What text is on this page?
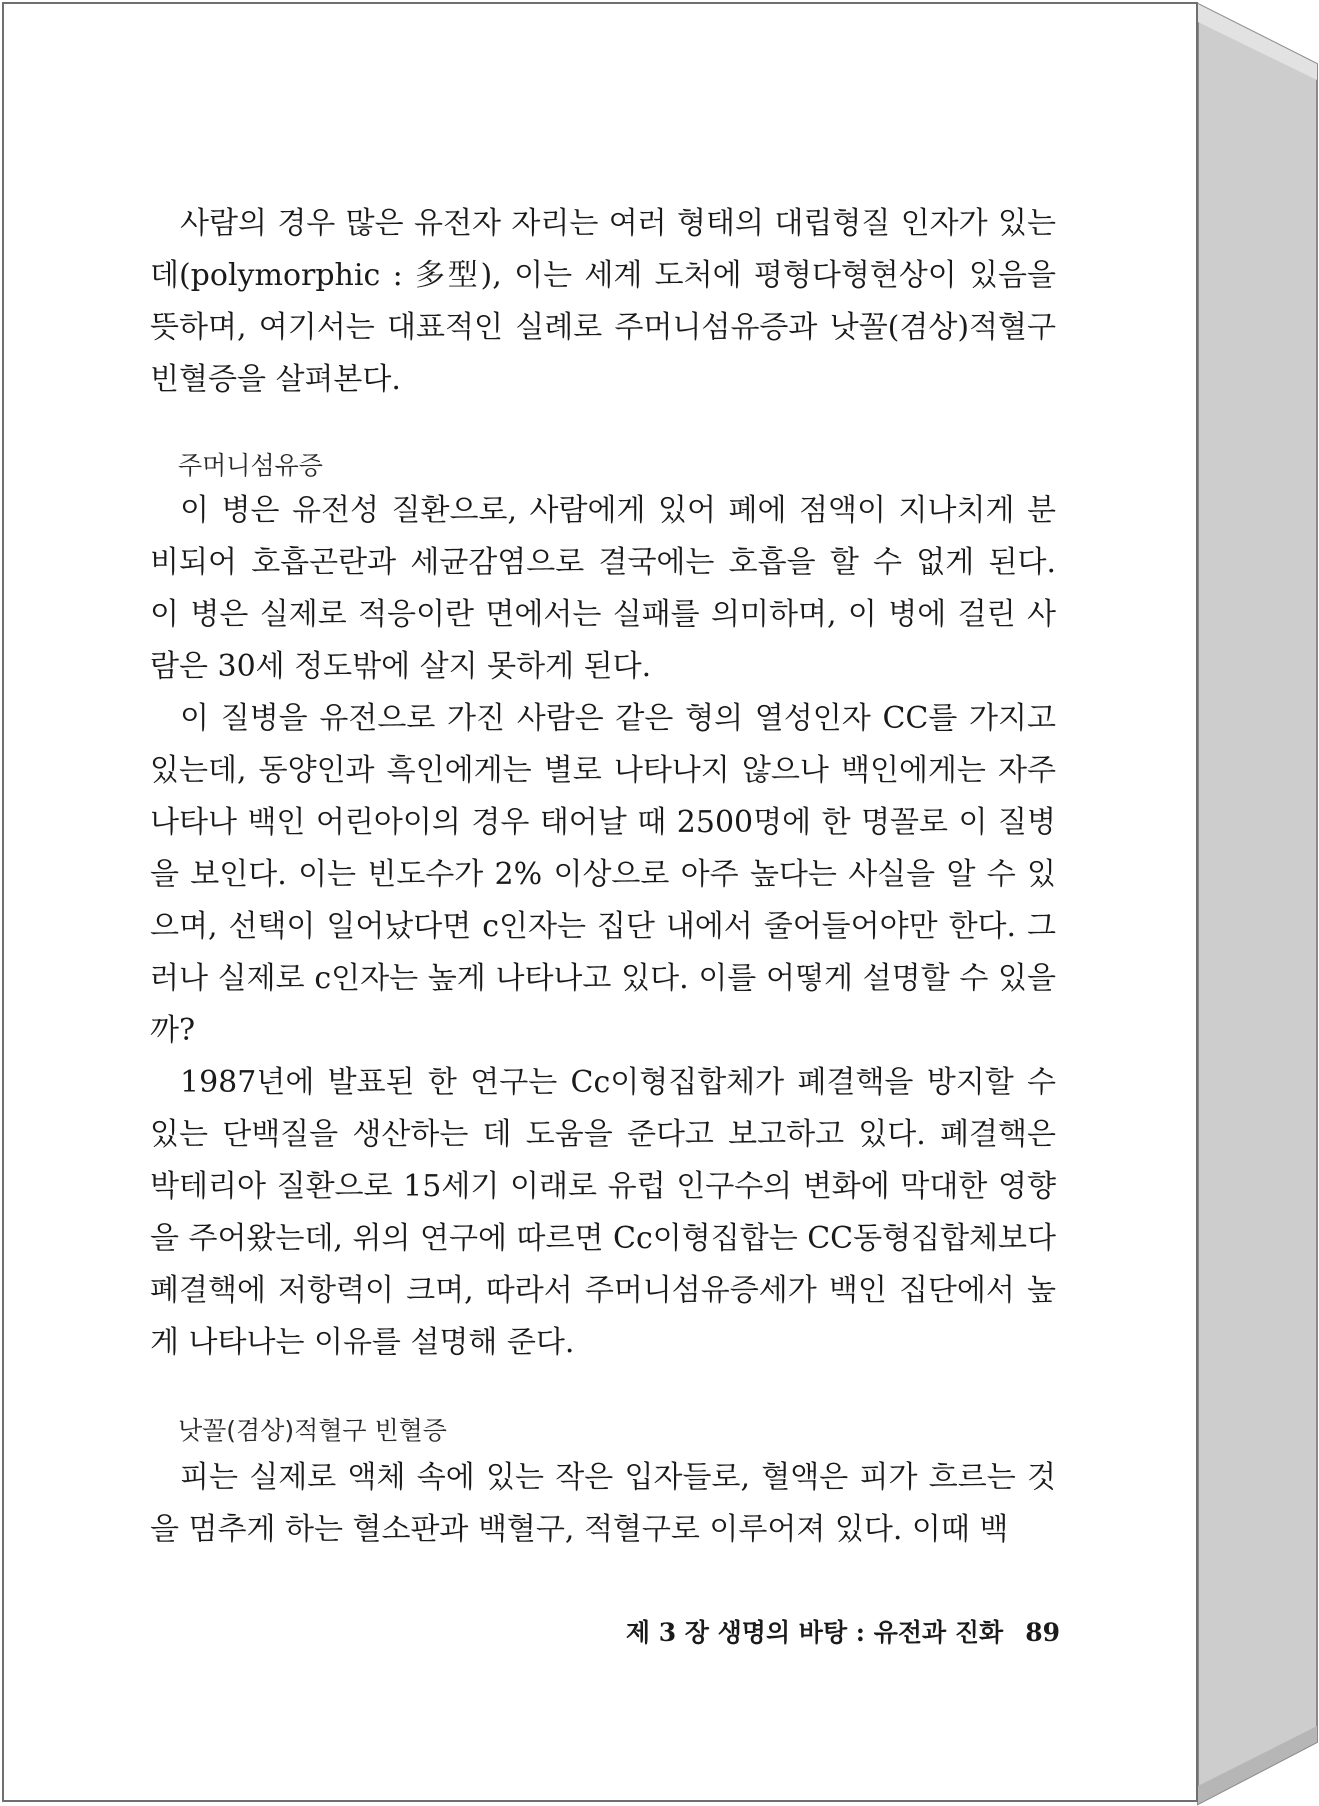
사람의 경우 많은 유전자 자리는 여러 형태의 대립형질 인자가 있는데(polymorphic : 多型), 이는 세계 도처에 평형다형현상이 있음을 뜻하며, 여기서는 대표적인 실례로 주머니섬유증과 낫꼴(겸상)적혈구 빈혈증을 살펴본다.

주머니섬유증

이 병은 유전성 질환으로, 사람에게 있어 폐에 점액이 지나치게 분비되어 호흡곤란과 세균감염으로 결국에는 호흡을 할 수 없게 된다. 이 병은 실제로 적응이란 면에서는 실패를 의미하며, 이 병에 걸린 사람은 30세 정도밖에 살지 못하게 된다.

이 질병을 유전으로 가진 사람은 같은 형의 열성인자 CC를 가지고 있는데, 동양인과 흑인에게는 별로 나타나지 않으나 백인에게는 자주 나타나 백인 어린아이의 경우 태어날 때 2500명에 한 명꼴로 이 질병을 보인다. 이는 빈도수가 2% 이상으로 아주 높다는 사실을 알 수 있으며, 선택이 일어났다면 c인자는 집단 내에서 줄어들어야만 한다. 그러나 실제로 c인자는 높게 나타나고 있다. 이를 어떻게 설명할 수 있을까?

1987년에 발표된 한 연구는 Cc이형집합체가 폐결핵을 방지할 수 있는 단백질을 생산하는 데 도움을 준다고 보고하고 있다. 폐결핵은 박테리아 질환으로 15세기 이래로 유럽 인구수의 변화에 막대한 영향을 주어왔는데, 위의 연구에 따르면 Cc이형집합는 CC동형집합체보다 폐결핵에 저항력이 크며, 따라서 주머니섬유증세가 백인 집단에서 높게 나타나는 이유를 설명해 준다.

낫꼴(겸상)적혈구 빈혈증

피는 실제로 액체 속에 있는 작은 입자들로, 혈액은 피가 흐르는 것을 멈추게 하는 혈소판과 백혈구, 적혈구로 이루어져 있다. 이때 백

제 3 장 생명의 바탕 : 유전과 진화 89
